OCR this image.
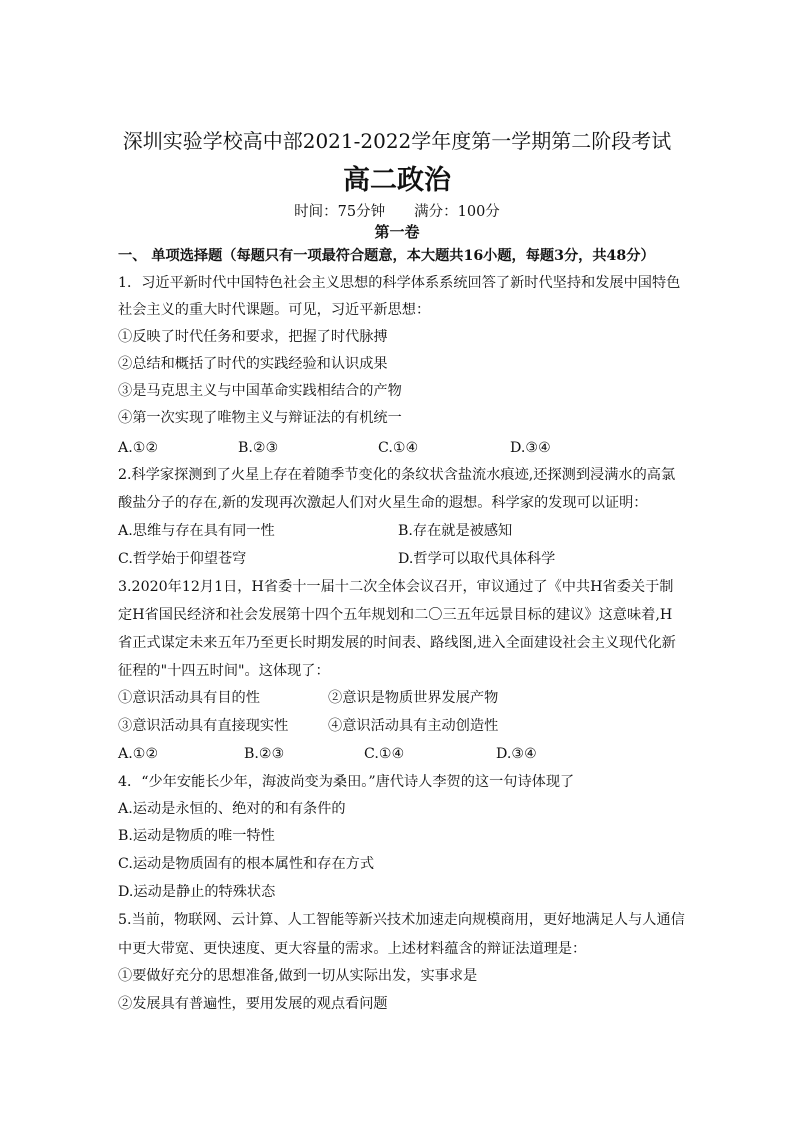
深圳实验学校高中部2021-2022学年度第一学期第二阶段考试
高二政治
时间：75分钟　　满分：100分
第一卷
一、 单项选择题（每题只有一项最符合题意，本大题共16小题，每题3分，共48分）
1．习近平新时代中国特色社会主义思想的科学体系系统回答了新时代坚持和发展中国特色
社会主义的重大时代课题。可见，习近平新思想：
①反映了时代任务和要求，把握了时代脉搏
②总结和概括了时代的实践经验和认识成果
③是马克思主义与中国革命实践相结合的产物
④第一次实现了唯物主义与辩证法的有机统一
A.①②	B.②③	C.①④	D.③④
2.科学家探测到了火星上存在着随季节变化的条纹状含盐流水痕迹,还探测到浸满水的高氯
酸盐分子的存在,新的发现再次激起人们对火星生命的遐想。科学家的发现可以证明：
A.思维与存在具有同一性	B.存在就是被感知
C.哲学始于仰望苍穹	D.哲学可以取代具体科学
3.2020年12月1日，H省委十一届十二次全体会议召开，审议通过了《中共H省委关于制
定H省国民经济和社会发展第十四个五年规划和二〇三五年远景目标的建议》这意味着,H
省正式谋定未来五年乃至更长时期发展的时间表、路线图,进入全面建设社会主义现代化新
征程的"十四五时间"。这体现了：
①意识活动具有目的性	②意识是物质世界发展产物
③意识活动具有直接现实性	④意识活动具有主动创造性
A.①②	B.②③	C.①④	D.③④
4．“少年安能长少年，海波尚变为桑田。”唐代诗人李贺的这一句诗体现了
A.运动是永恒的、绝对的和有条件的
B.运动是物质的唯一特性
C.运动是物质固有的根本属性和存在方式
D.运动是静止的特殊状态
5.当前，物联网、云计算、人工智能等新兴技术加速走向规模商用，更好地满足人与人通信
中更大带宽、更快速度、更大容量的需求。上述材料蕴含的辩证法道理是：
①要做好充分的思想准备,做到一切从实际出发，实事求是
②发展具有普遍性，要用发展的观点看问题
